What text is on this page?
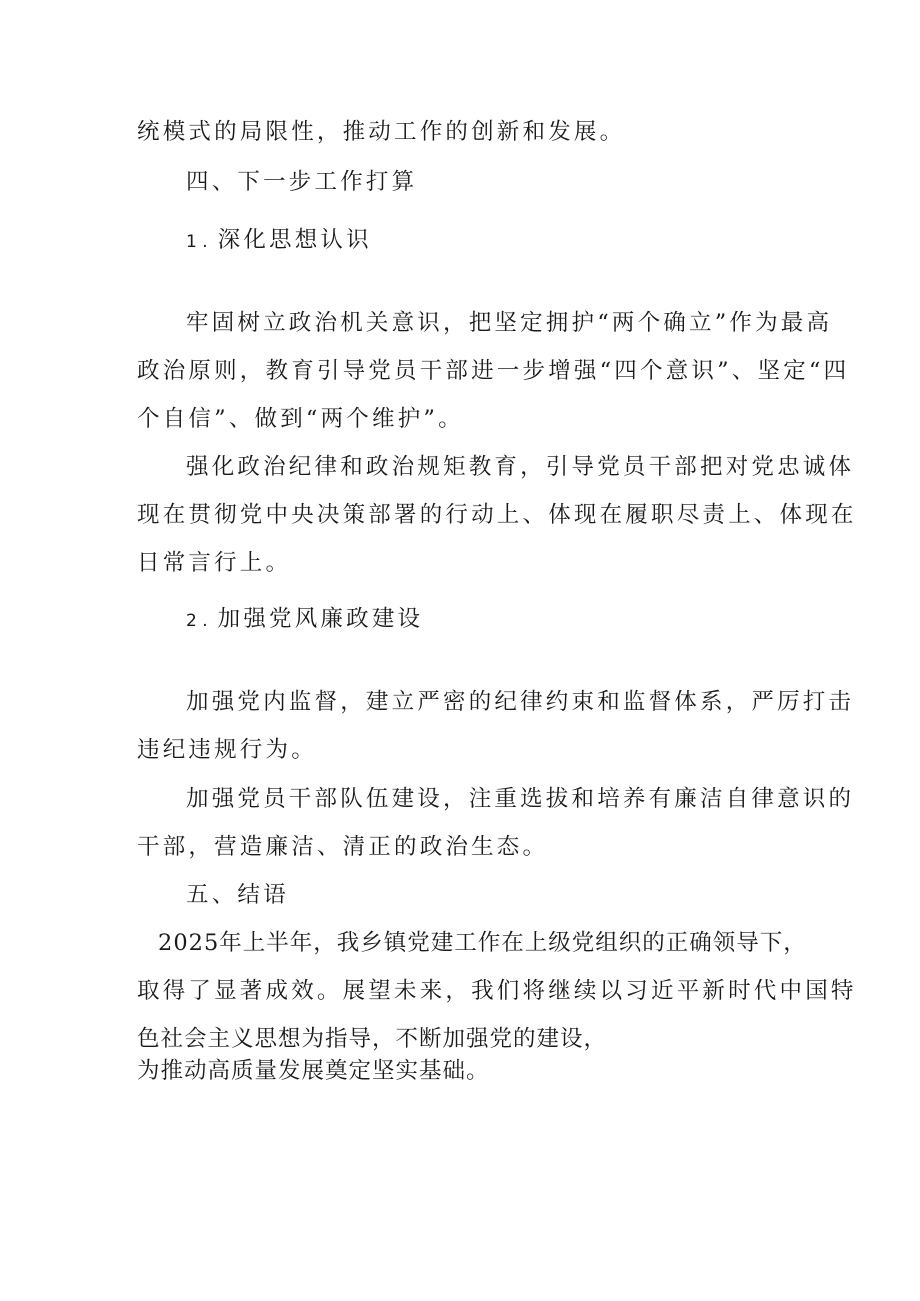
统模式的局限性，推动工作的创新和发展。
四、下一步工作打算
1 . 深化思想认识
牢固树立政治机关意识，把坚定拥护“两个确立”作为最高
政治原则，教育引导党员干部进一步增强“四个意识”、坚定“四
个自信”、做到“两个维护”。
强化政治纪律和政治规矩教育，引导党员干部把对党忠诚体
现在贯彻党中央决策部署的行动上、体现在履职尽责上、体现在
日常言行上。
2 . 加强党风廉政建设
加强党内监督，建立严密的纪律约束和监督体系，严厉打击
违纪违规行为。
加强党员干部队伍建设，注重选拔和培养有廉洁自律意识的
干部，营造廉洁、清正的政治生态。
五、结语
2025年上半年，我乡镇党建工作在上级党组织的正确领导下，
取得了显著成效。展望未来，我们将继续以习近平新时代中国特
色社会主义思想为指导，不断加强党的建设，
为推动高质量发展奠定坚实基础。
